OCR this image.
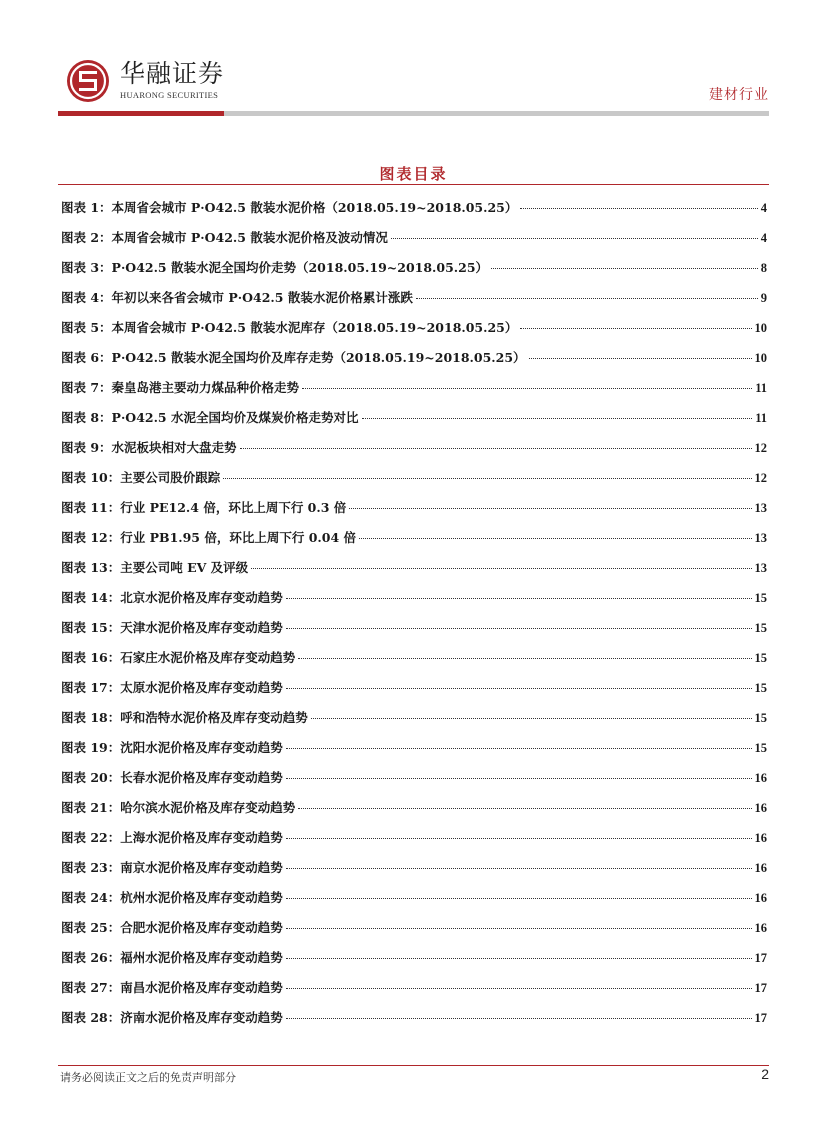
华融证券
HUARONG SECURITIES	建材行业
图表目录
图表 1：本周省会城市 P·O42.5 散装水泥价格（2018.05.19~2018.05.25）	4
图表 2：本周省会城市 P·O42.5 散装水泥价格及波动情况	4
图表 3：P·O42.5 散装水泥全国均价走势（2018.05.19~2018.05.25）	8
图表 4：年初以来各省会城市 P·O42.5 散装水泥价格累计涨跌	9
图表 5：本周省会城市 P·O42.5 散装水泥库存（2018.05.19~2018.05.25）	10
图表 6：P·O42.5 散装水泥全国均价及库存走势（2018.05.19~2018.05.25）	10
图表 7：秦皇岛港主要动力煤品种价格走势	11
图表 8：P·O42.5 水泥全国均价及煤炭价格走势对比	11
图表 9：水泥板块相对大盘走势	12
图表 10：主要公司股价跟踪	12
图表 11：行业 PE12.4 倍，环比上周下行 0.3 倍	13
图表 12：行业 PB1.95 倍，环比上周下行 0.04 倍	13
图表 13：主要公司吨 EV 及评级	13
图表 14：北京水泥价格及库存变动趋势	15
图表 15：天津水泥价格及库存变动趋势	15
图表 16：石家庄水泥价格及库存变动趋势	15
图表 17：太原水泥价格及库存变动趋势	15
图表 18：呼和浩特水泥价格及库存变动趋势	15
图表 19：沈阳水泥价格及库存变动趋势	15
图表 20：长春水泥价格及库存变动趋势	16
图表 21：哈尔滨水泥价格及库存变动趋势	16
图表 22：上海水泥价格及库存变动趋势	16
图表 23：南京水泥价格及库存变动趋势	16
图表 24：杭州水泥价格及库存变动趋势	16
图表 25：合肥水泥价格及库存变动趋势	16
图表 26：福州水泥价格及库存变动趋势	17
图表 27：南昌水泥价格及库存变动趋势	17
图表 28：济南水泥价格及库存变动趋势	17
请务必阅读正文之后的免责声明部分	2
